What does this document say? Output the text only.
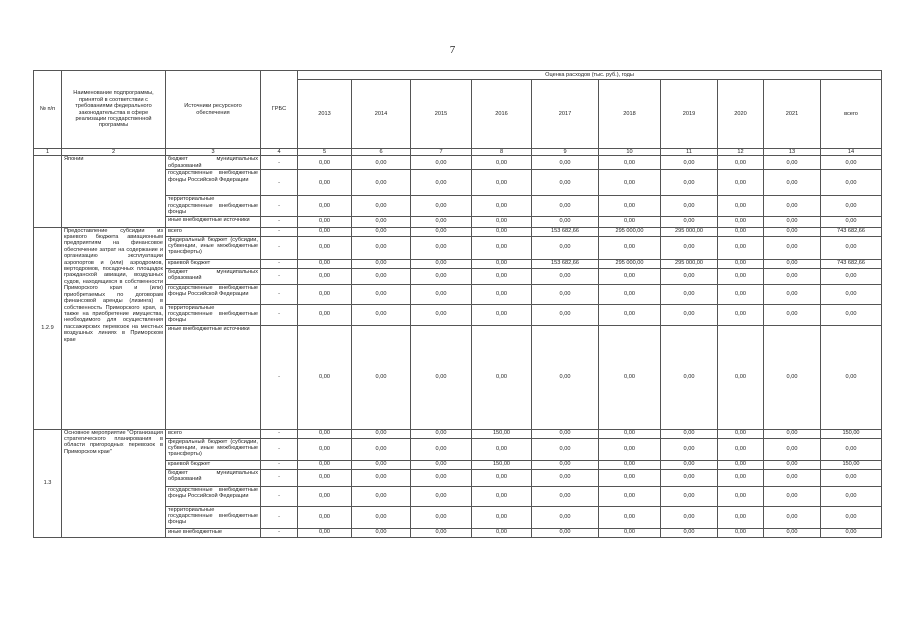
7
№ п/п	Наименование подпрограммы, принятой в соответствии с требованиями федерального законодательства в сфере реализации государственной программы	Источники ресурсного обеспечения	ГРБС	Оценка расходов (тыс. руб.), годы									
				2013	2014	2015	2016	2017	2018	2019	2020	2021	всего
1	2	3	4	5	6	7	8	9	10	11	12	13	14
	Японии	бюджет муниципальных образований	-	0,00	0,00	0,00	0,00	0,00	0,00	0,00	0,00	0,00	0,00
		государственные внебюджетные фонды Российской Федерации	-	0,00	0,00	0,00	0,00	0,00	0,00	0,00	0,00	0,00	0,00
		территориальные государственные внебюджетные фонды	-	0,00	0,00	0,00	0,00	0,00	0,00	0,00	0,00	0,00	0,00
		иные внебюджетные источники	-	0,00	0,00	0,00	0,00	0,00	0,00	0,00	0,00	0,00	0,00
1.2.9	Предоставление субсидии из краевого бюджета авиационным предприятиям на финансовое обеспечение затрат на содержание и организацию эксплуатации аэропортов и (или) аэродромов, вертодромов, посадочных площадок гражданской авиации, воздушных судов, находящихся в собственности Приморского края и (или) приобретаемых по договорам финансовой аренды (лизинга) в собственность Приморского края, а также на приобретение имущества, необходимого для осуществления пассажирских перевозок на местных воздушных линиях в Приморском крае	всего	-	0,00	0,00	0,00	0,00	153 682,66	295 000,00	295 000,00	0,00	0,00	743 682,66
		федеральный бюджет (субсидии, субвенции, иные межбюджетные трансферты)	-	0,00	0,00	0,00	0,00	0,00	0,00	0,00	0,00	0,00	0,00
		краевой бюджет	-	0,00	0,00	0,00	0,00	153 682,66	295 000,00	295 000,00	0,00	0,00	743 682,66
		бюджет муниципальных образований	-	0,00	0,00	0,00	0,00	0,00	0,00	0,00	0,00	0,00	0,00
		государственные внебюджетные фонды Российской Федерации	-	0,00	0,00	0,00	0,00	0,00	0,00	0,00	0,00	0,00	0,00
		территориальные государственные внебюджетные фонды	-	0,00	0,00	0,00	0,00	0,00	0,00	0,00	0,00	0,00	0,00
		иные внебюджетные источники	-	0,00	0,00	0,00	0,00	0,00	0,00	0,00	0,00	0,00	0,00
1.3	Основное мероприятие "Организация стратегического планирования в области пригородных перевозок в Приморском крае"	всего	-	0,00	0,00	0,00	150,00	0,00	0,00	0,00	0,00	0,00	150,00
		федеральный бюджет (субсидии, субвенции, иные межбюджетные трансферты)	-	0,00	0,00	0,00	0,00	0,00	0,00	0,00	0,00	0,00	0,00
		краевой бюджет	-	0,00	0,00	0,00	150,00	0,00	0,00	0,00	0,00	0,00	150,00
		бюджет муниципальных образований	-	0,00	0,00	0,00	0,00	0,00	0,00	0,00	0,00	0,00	0,00
		государственные внебюджетные фонды Российской Федерации	-	0,00	0,00	0,00	0,00	0,00	0,00	0,00	0,00	0,00	0,00
		территориальные государственные внебюджетные фонды	-	0,00	0,00	0,00	0,00	0,00	0,00	0,00	0,00	0,00	0,00
		иные внебюджетные	-	0,00	0,00	0,00	0,00	0,00	0,00	0,00	0,00	0,00	0,00
